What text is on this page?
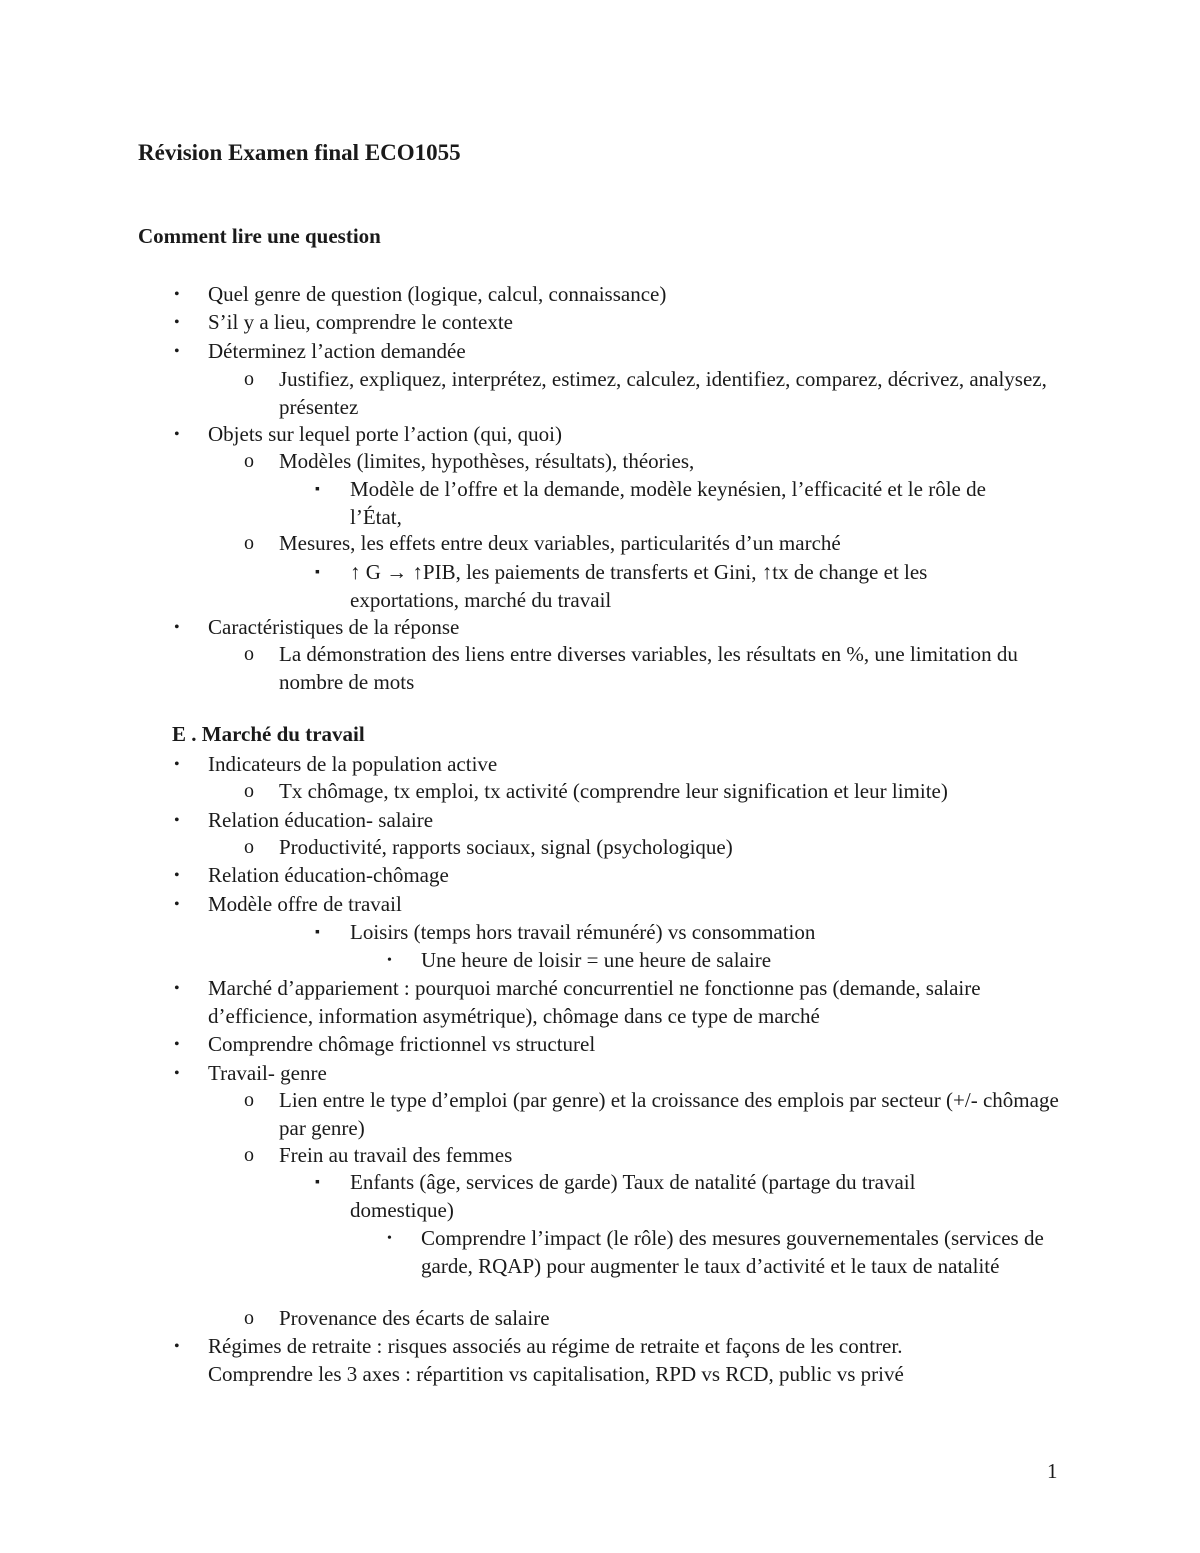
Révision Examen final ECO1055
Comment lire une question
• Quel genre de question (logique, calcul, connaissance)
• S’il y a lieu, comprendre le contexte
• Déterminez l’action demandée
o Justifiez, expliquez, interprétez, estimez, calculez, identifiez, comparez, décrivez, analysez, présentez
• Objets sur lequel porte l’action (qui, quoi)
o Modèles (limites, hypothèses, résultats), théories,
▪ Modèle de l’offre et la demande, modèle keynésien, l’efficacité et le rôle de l’État,
o Mesures, les effets entre deux variables, particularités d’un marché
▪ ↑ G → ↑PIB, les paiements de transferts et Gini, ↑tx de change et les exportations, marché du travail
• Caractéristiques de la réponse
o La démonstration des liens entre diverses variables, les résultats en %, une limitation du nombre de mots
E . Marché du travail
• Indicateurs de la population active
o Tx chômage, tx emploi, tx activité (comprendre leur signification et leur limite)
• Relation éducation- salaire
o Productivité, rapports sociaux, signal (psychologique)
• Relation éducation-chômage
• Modèle offre de travail
▪ Loisirs (temps hors travail rémunéré) vs consommation
• Une heure de loisir = une heure de salaire
• Marché d’appariement : pourquoi marché concurrentiel ne fonctionne pas (demande, salaire d’efficience, information asymétrique), chômage dans ce type de marché
• Comprendre chômage frictionnel vs structurel
• Travail- genre
o Lien entre le type d’emploi (par genre) et la croissance des emplois par secteur (+/- chômage par genre)
o Frein au travail des femmes
▪ Enfants (âge, services de garde) Taux de natalité (partage du travail domestique)
• Comprendre l’impact (le rôle) des mesures gouvernementales (services de garde, RQAP) pour augmenter le taux d’activité et le taux de natalité
o Provenance des écarts de salaire
• Régimes de retraite : risques associés au régime de retraite et façons de les contrer. Comprendre les 3 axes : répartition vs capitalisation, RPD vs RCD, public vs privé
1
